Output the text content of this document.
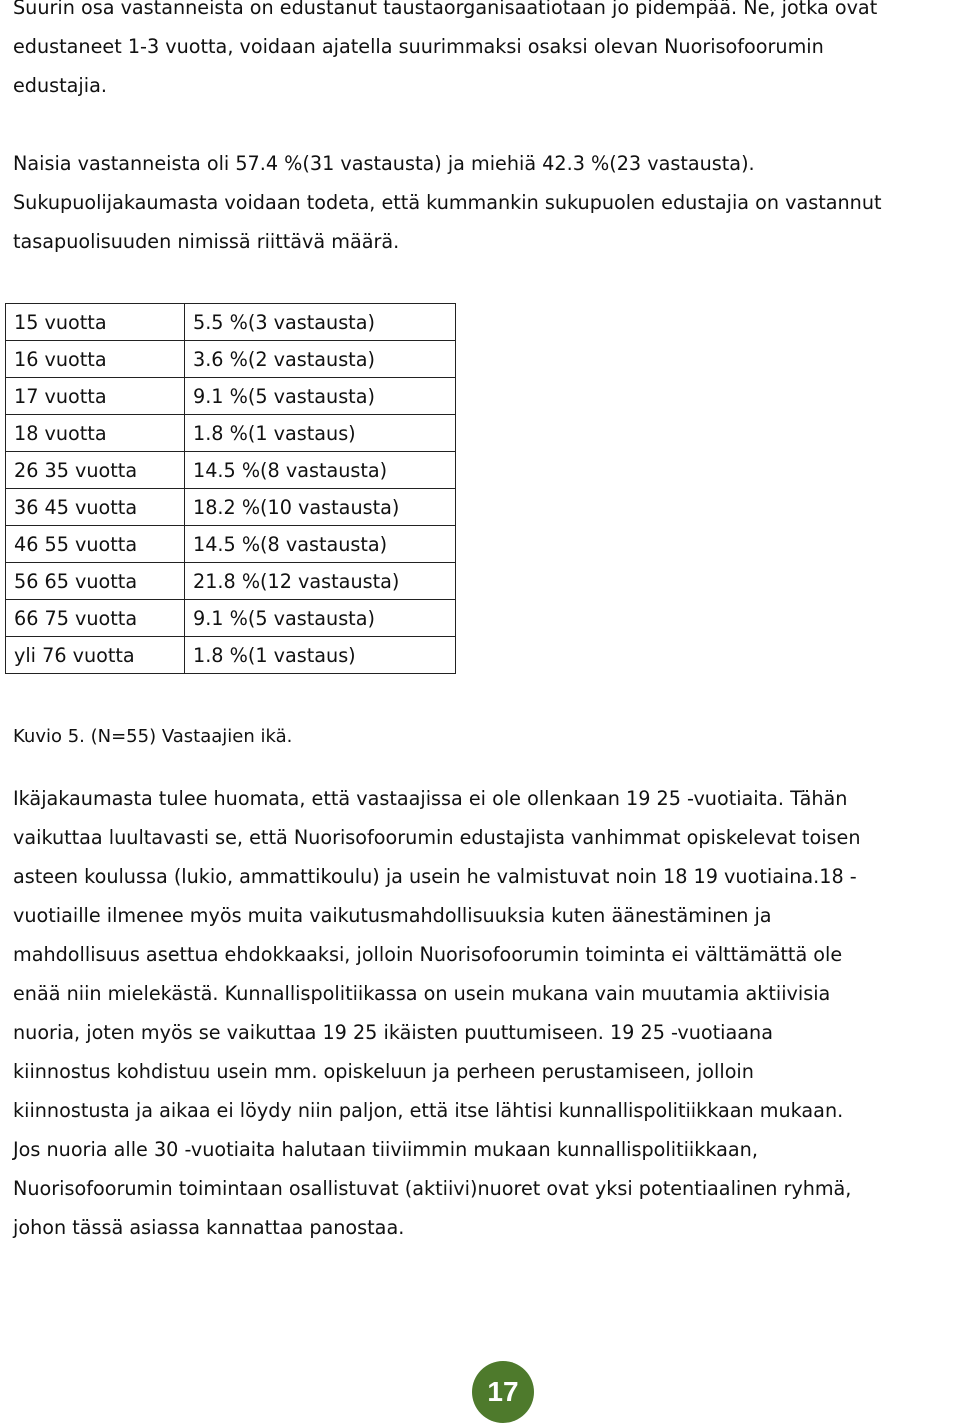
Suurin osa vastanneista on edustanut taustaorganisaatiotaan jo pidempää. Ne, jotka ovat
edustaneet 1-3 vuotta, voidaan ajatella suurimmaksi osaksi olevan Nuorisofoorumin
edustajia.

Naisia vastanneista oli 57.4 %(31 vastausta) ja miehiä 42.3 %(23 vastausta).
Sukupuolijakaumasta voidaan todeta, että kummankin sukupuolen edustajia on vastannut
tasapuolisuuden nimissä riittävä määrä.

15 vuotta	5.5 %(3 vastausta)
16 vuotta	3.6 %(2 vastausta)
17 vuotta	9.1 %(5 vastausta)
18 vuotta	1.8 %(1 vastaus)
26 35 vuotta	14.5 %(8 vastausta)
36 45 vuotta	18.2 %(10 vastausta)
46 55 vuotta	14.5 %(8 vastausta)
56 65 vuotta	21.8 %(12 vastausta)
66 75 vuotta	9.1 %(5 vastausta)
yli 76 vuotta	1.8 %(1 vastaus)

Kuvio 5. (N=55) Vastaajien ikä.

Ikäjakaumasta tulee huomata, että vastaajissa ei ole ollenkaan 19 25 -vuotiaita. Tähän
vaikuttaa luultavasti se, että Nuorisofoorumin edustajista vanhimmat opiskelevat toisen
asteen koulussa (lukio, ammattikoulu) ja usein he valmistuvat noin 18 19 vuotiaina.18 -
vuotiaille ilmenee myös muita vaikutusmahdollisuuksia kuten äänestäminen ja
mahdollisuus asettua ehdokkaaksi, jolloin Nuorisofoorumin toiminta ei välttämättä ole
enää niin mielekästä. Kunnallispolitiikassa on usein mukana vain muutamia aktiivisia
nuoria, joten myös se vaikuttaa 19 25 ikäisten puuttumiseen. 19 25 -vuotiaana
kiinnostus kohdistuu usein mm. opiskeluun ja perheen perustamiseen, jolloin
kiinnostusta ja aikaa ei löydy niin paljon, että itse lähtisi kunnallispolitiikkaan mukaan.
Jos nuoria alle 30 -vuotiaita halutaan tiiviimmin mukaan kunnallispolitiikkaan,
Nuorisofoorumin toimintaan osallistuvat (aktiivi)nuoret ovat yksi potentiaalinen ryhmä,
johon tässä asiassa kannattaa panostaa.

17
